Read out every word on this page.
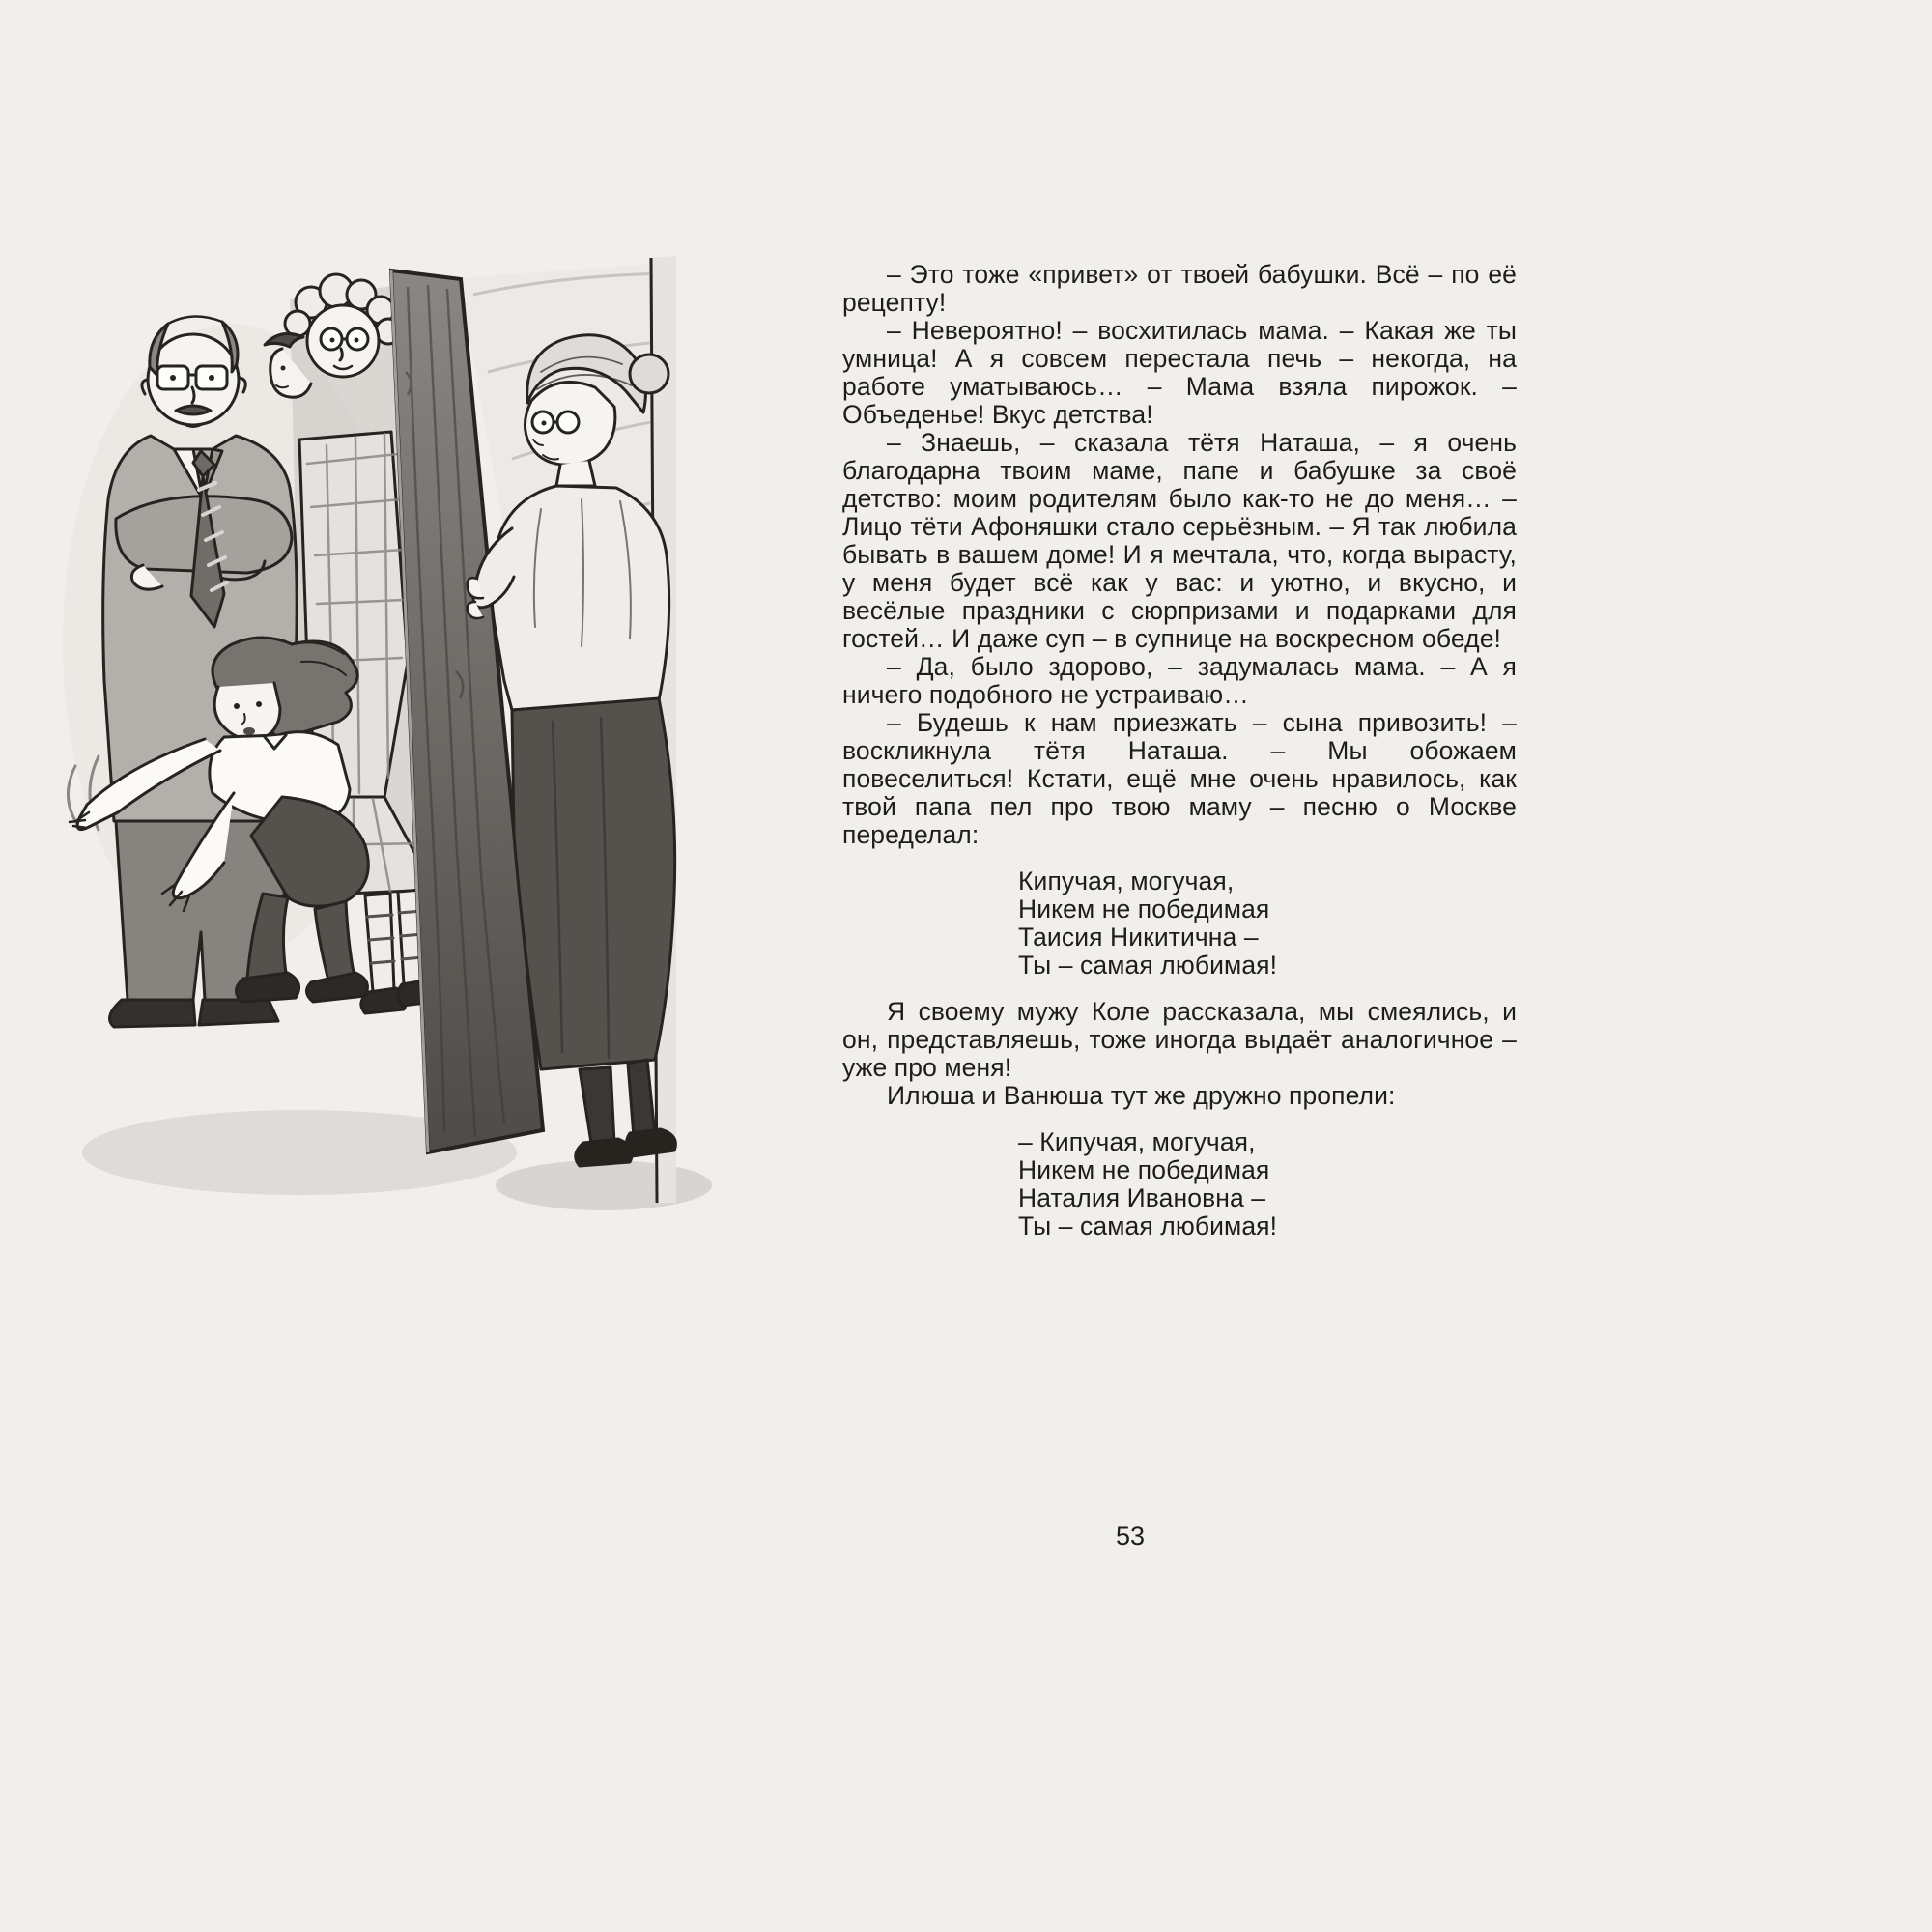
– Это тоже «привет» от твоей бабушки. Всё – по её рецепту!

– Невероятно! – восхитилась мама. – Какая же ты умница! А я совсем перестала печь – некогда, на работе уматываюсь… – Мама взяла пирожок. – Объеденье! Вкус детства!

– Знаешь, – сказала тётя Наташа, – я очень благодарна твоим маме, папе и бабушке за своё детство: моим родителям было как-то не до меня… – Лицо тёти Афоняшки стало серьёзным. – Я так любила бывать в вашем доме! И я мечтала, что, когда вырасту, у меня будет всё как у вас: и уютно, и вкусно, и весёлые праздники с сюрпризами и подарками для гостей… И даже суп – в супнице на воскресном обеде!

– Да, было здорово, – задумалась мама. – А я ничего подобного не устраиваю…

– Будешь к нам приезжать – сына привозить! – воскликнула тётя Наташа. – Мы обожаем повеселиться! Кстати, ещё мне очень нравилось, как твой папа пел про твою маму – песню о Москве переделал:

Кипучая, могучая,

Никем не победимая

Таисия Никитична –

Ты – самая любимая!

Я своему мужу Коле рассказала, мы смеялись, и он, представляешь, тоже иногда выдаёт аналогичное – уже про меня!

Илюша и Ванюша тут же дружно пропели:

– Кипучая, могучая,

Никем не победимая

Наталия Ивановна –

Ты – самая любимая!

53
